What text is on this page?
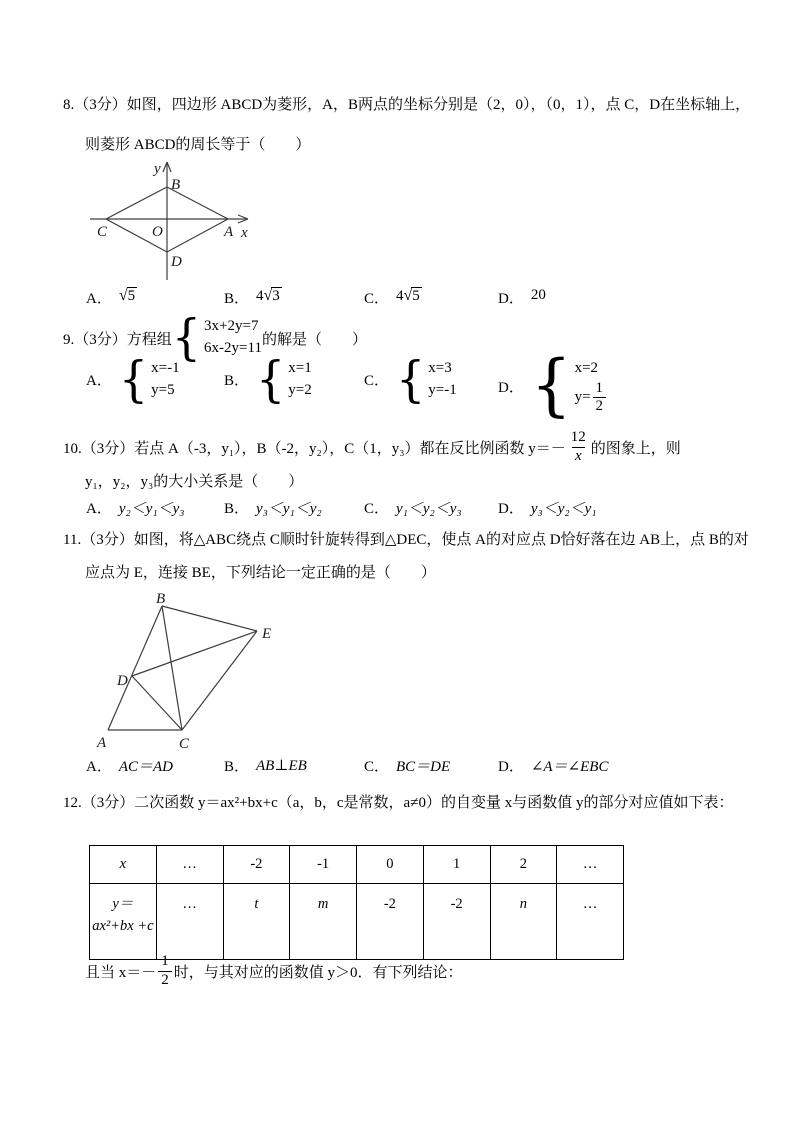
8.（3分）如图，四边形 ABCD为菱形，A，B两点的坐标分别是（2，0），（0，1），点 C，D在坐标轴上，
则菱形 ABCD的周长等于（　　）
y
B
C	O	A x
D
A． √ 5	B． 4 √ 3	C． 4 √ 5	D． 20
9.（3分）方程组 { 3x+2y=7
6x-2y=11
的解是（　　）
A． { x=-1
y=5
B． { x=1
y=2
C． { x=3
y=-1	D． { x=2
$y= \frac{1}{2}$
10.（3分）若点 A（-3，y₁），B（-2，y₂），C（1，y₃）都在反比例函数 $y=- \frac{12}{x}$ 的图象上，则
y₁，y₂，y₃的大小关系是（　　）
A． y₂＜y₁＜y₃	B． y₃＜y₁＜y₂	C． y₁＜y₂＜y₃ D． y₃＜y₂＜y₁
11.（3分）如图，将△ABC绕点 C顺时针旋转得到△DEC，使点 A的对应点 D恰好落在边 AB上，点 B的对
应点为 E，连接 BE，下列结论一定正确的是（　　）
B
E
D
A	C
A． AC＝AD	B． AB⊥EB	C． BC＝DE	D． ∠A＝∠EBC
12.（3分）二次函数 y＝ax²+bx+c（a，b，c是常数，a≠0）的自变量 x与函数值 y的部分对应值如下表：
x	…	-2	-1	0	1	2	…
y＝ax²+bx +c	…	t	m	-2	-2	n	…
且当 $x=- \frac{1}{2}$ 时，与其对应的函数值 y＞0．有下列结论：
